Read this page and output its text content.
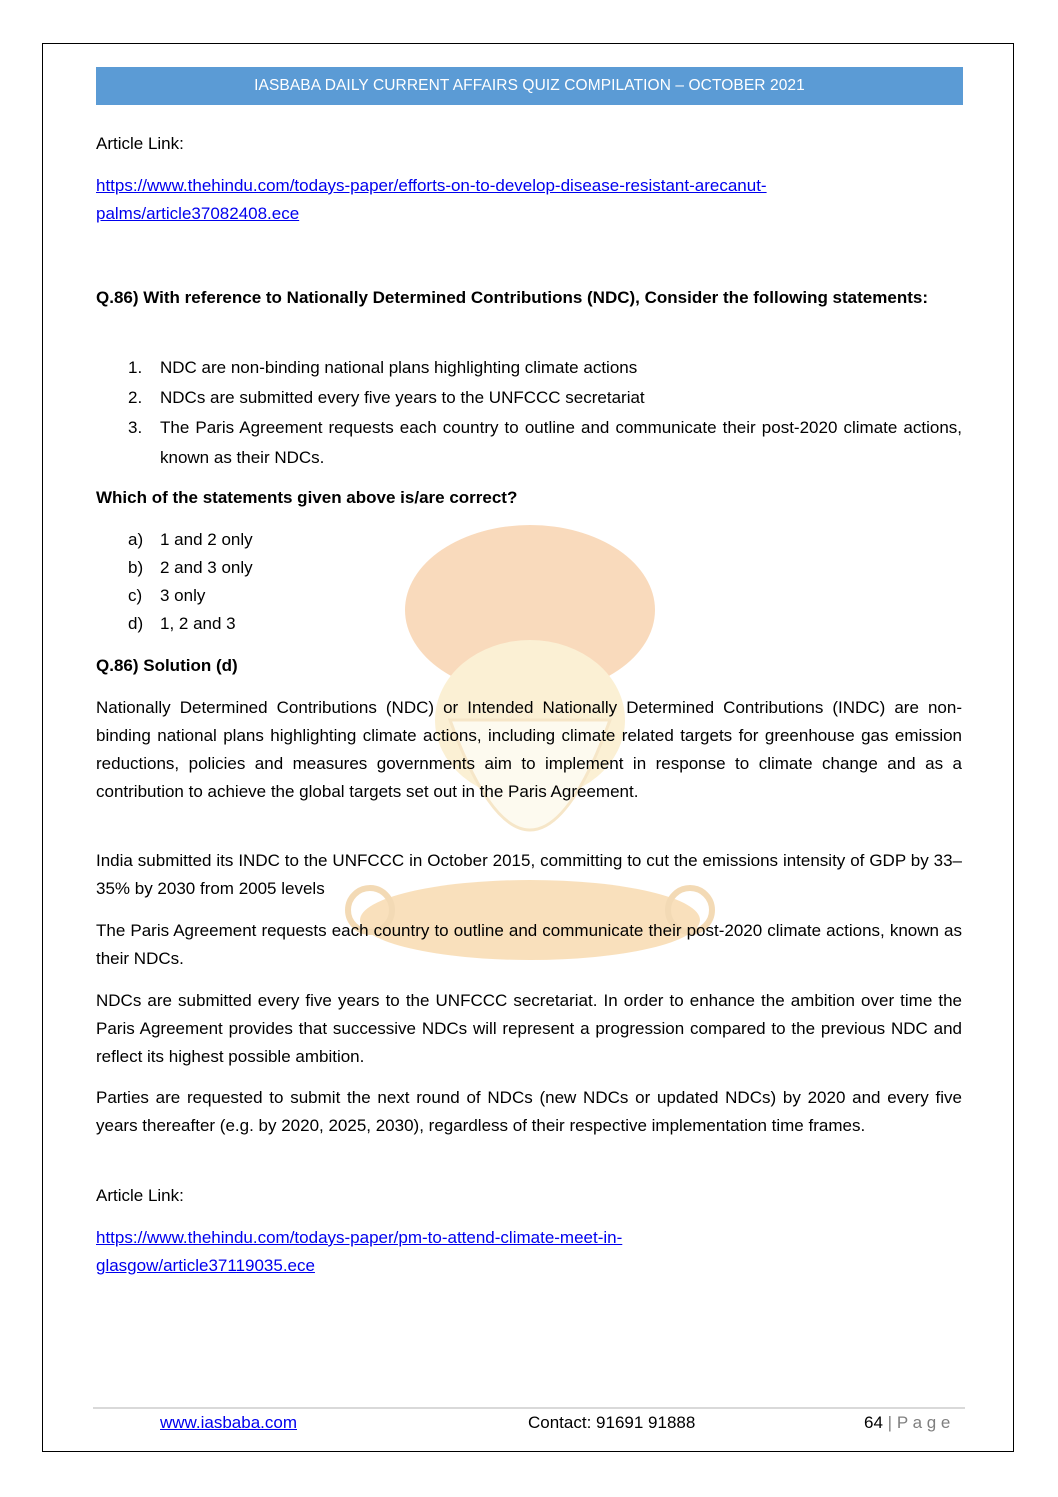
IASBABA DAILY CURRENT AFFAIRS QUIZ COMPILATION – OCTOBER 2021
Article Link:
https://www.thehindu.com/todays-paper/efforts-on-to-develop-disease-resistant-arecanut-
palms/article37082408.ece
Q.86) With reference to Nationally Determined Contributions (NDC), Consider the following statements:
1. NDC are non-binding national plans highlighting climate actions
2. NDCs are submitted every five years to the UNFCCC secretariat
3. The Paris Agreement requests each country to outline and communicate their post-2020 climate actions, known as their NDCs.
Which of the statements given above is/are correct?
a) 1 and 2 only
b) 2 and 3 only
c) 3 only
d) 1, 2 and 3
Q.86) Solution (d)
Nationally Determined Contributions (NDC) or Intended Nationally Determined Contributions (INDC) are non-binding national plans highlighting climate actions, including climate related targets for greenhouse gas emission reductions, policies and measures governments aim to implement in response to climate change and as a contribution to achieve the global targets set out in the Paris Agreement.
India submitted its INDC to the UNFCCC in October 2015, committing to cut the emissions intensity of GDP by 33–35% by 2030 from 2005 levels
The Paris Agreement requests each country to outline and communicate their post-2020 climate actions, known as their NDCs.
NDCs are submitted every five years to the UNFCCC secretariat. In order to enhance the ambition over time the Paris Agreement provides that successive NDCs will represent a progression compared to the previous NDC and reflect its highest possible ambition.
Parties are requested to submit the next round of NDCs (new NDCs or updated NDCs) by 2020 and every five years thereafter (e.g. by 2020, 2025, 2030), regardless of their respective implementation time frames.
Article Link:
https://www.thehindu.com/todays-paper/pm-to-attend-climate-meet-in-
glasgow/article37119035.ece
www.iasbaba.com	Contact: 91691 91888	64 | P a g e
